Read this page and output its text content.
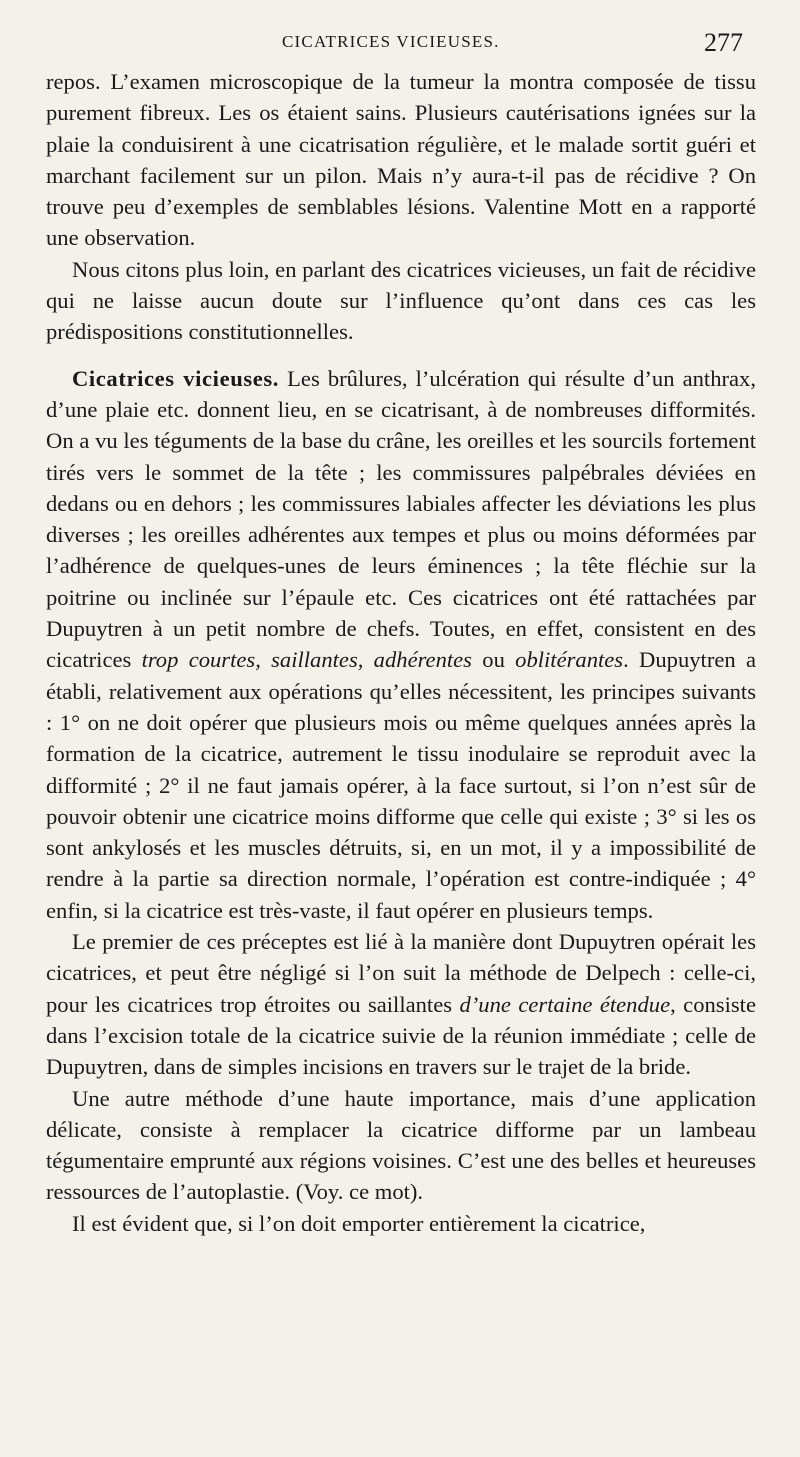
CICATRICES VICIEUSES.	277

repos. L’examen microscopique de la tumeur la montra composée de tissu purement fibreux. Les os étaient sains. Plusieurs cautérisations ignées sur la plaie la conduisirent à une cicatrisation régulière, et le malade sortit guéri et marchant facilement sur un pilon. Mais n’y aura-t-il pas de récidive ? On trouve peu d’exemples de semblables lésions. Valentine Mott en a rapporté une observation.

Nous citons plus loin, en parlant des cicatrices vicieuses, un fait de récidive qui ne laisse aucun doute sur l’influence qu’ont dans ces cas les prédispositions constitutionnelles.

Cicatrices vicieuses. Les brûlures, l’ulcération qui résulte d’un anthrax, d’une plaie etc. donnent lieu, en se cicatrisant, à de nombreuses difformités. On a vu les téguments de la base du crâne, les oreilles et les sourcils fortement tirés vers le sommet de la tête ; les commissures palpébrales déviées en dedans ou en dehors ; les commissures labiales affecter les déviations les plus diverses ; les oreilles adhérentes aux tempes et plus ou moins déformées par l’adhérence de quelques-unes de leurs éminences ; la tête fléchie sur la poitrine ou inclinée sur l’épaule etc. Ces cicatrices ont été rattachées par Dupuytren à un petit nombre de chefs. Toutes, en effet, consistent en des cicatrices trop courtes, saillantes, adhérentes ou oblitérantes. Dupuytren a établi, relativement aux opérations qu’elles nécessitent, les principes suivants : 1° on ne doit opérer que plusieurs mois ou même quelques années après la formation de la cicatrice, autrement le tissu inodulaire se reproduit avec la difformité ; 2° il ne faut jamais opérer, à la face surtout, si l’on n’est sûr de pouvoir obtenir une cicatrice moins difforme que celle qui existe ; 3° si les os sont ankylosés et les muscles détruits, si, en un mot, il y a impossibilité de rendre à la partie sa direction normale, l’opération est contre-indiquée ; 4° enfin, si la cicatrice est très-vaste, il faut opérer en plusieurs temps.

Le premier de ces préceptes est lié à la manière dont Dupuytren opérait les cicatrices, et peut être négligé si l’on suit la méthode de Delpech : celle-ci, pour les cicatrices trop étroites ou saillantes d’une certaine étendue, consiste dans l’excision totale de la cicatrice suivie de la réunion immédiate ; celle de Dupuytren, dans de simples incisions en travers sur le trajet de la bride.

Une autre méthode d’une haute importance, mais d’une application délicate, consiste à remplacer la cicatrice difforme par un lambeau tégumentaire emprunté aux régions voisines. C’est une des belles et heureuses ressources de l’autoplastie. (Voy. ce mot).

Il est évident que, si l’on doit emporter entièrement la cicatrice,
